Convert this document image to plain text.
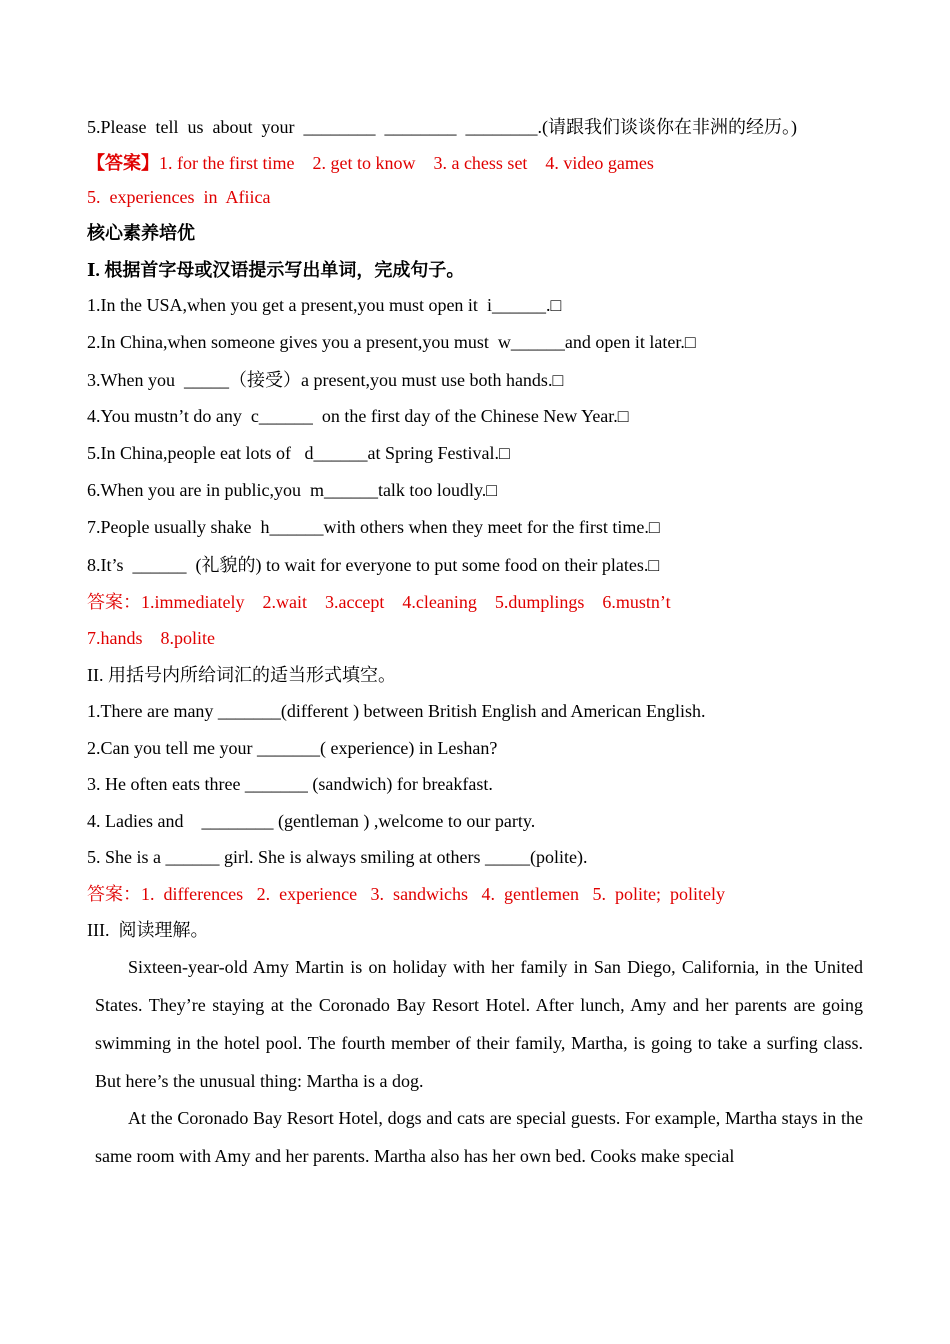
5.Please  tell  us  about  your  ________  ________  ________.(请跟我们谈谈你在非洲的经历。)
【答案】1. for the first time    2. get to know    3. a chess set    4. video games
5.  experiences  in  Afiica
核心素养培优
Ⅰ. 根据首字母或汉语提示写出单词，完成句子。
1.In the USA,when you get a present,you must open it  i______.□
2.In China,when someone gives you a present,you must  w______and open it later.□
3.When you  _____（接受）a present,you must use both hands.□
4.You mustn’t do any  c______  on the first day of the Chinese New Year.□
5.In China,people eat lots of   d______at Spring Festival.□
6.When you are in public,you  m______talk too loudly.□
7.People usually shake  h______with others when they meet for the first time.□
8.It’s  ______  (礼貌的) to wait for everyone to put some food on their plates.□
答案：1.immediately    2.wait    3.accept    4.cleaning    5.dumplings    6.mustn’t
7.hands    8.polite
II. 用括号内所给词汇的适当形式填空。
1.There are many _______(different ) between British English and American English.
2.Can you tell me your _______( experience) in Leshan?
3. He often eats three _______ (sandwich) for breakfast.
4. Ladies and    ________ (gentleman ) ,welcome to our party.
5. She is a ______ girl. She is always smiling at others _____(polite).
答案：1.  differences   2.  experience   3.  sandwichs   4.  gentlemen   5.  polite;  politely
III.  阅读理解。
Sixteen-year-old Amy Martin is on holiday with her family in San Diego, California, in the United States. They’re staying at the Coronado Bay Resort Hotel. After lunch, Amy and her parents are going swimming in the hotel pool. The fourth member of their family, Martha, is going to take a surfing class. But here’s the unusual thing: Martha is a dog.
At the Coronado Bay Resort Hotel, dogs and cats are special guests. For example, Martha stays in the same room with Amy and her parents. Martha also has her own bed. Cooks make special
